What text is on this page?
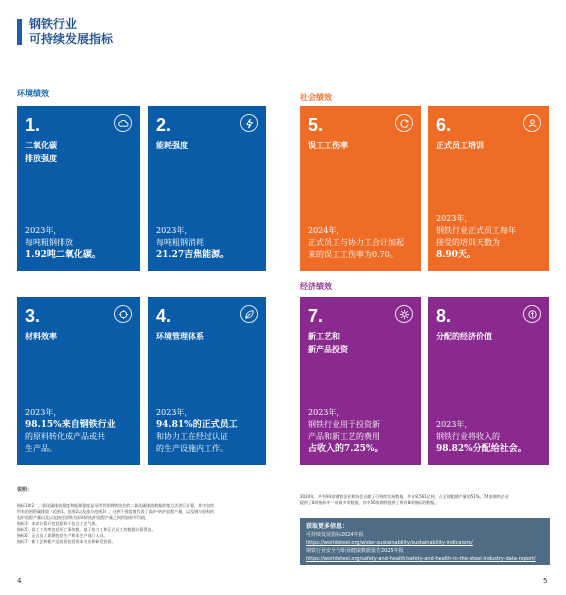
钢铁行业
可持续发展指标
环境绩效	社会绩效
经济绩效
1.
二氧化碳
排放强度
2023年，
每吨粗钢排放
1.92吨二氧化碳。
2.
能耗强度
2023年，
每吨粗钢消耗
21.27吉焦能源。
3.
材料效率
2023年，
98.15%来自钢铁行业
的原料转化成产品或共
生产品。
4.
环境管理体系
2023年，
94.81%的正式员工
和协力工在经过认证
的生产设施内工作。
5.
误工工伤率
2024年，
正式员工与协力工合计加起
来的误工工伤率为0.70。
6.
正式员工培训
2023年，
钢铁行业正式员工每年
接受的培训天数为
8.90天。
7.
新工艺和
新产品投资
2023年，
钢铁行业用于投资新
产品和新工艺的费用
占收入的7.25%。
8.
分配的经济价值
2023年，
钢铁行业将收入的
98.82%分配给社会。
说明：
指标1和2：二氧化碳排放强度和能源强度是采用世界钢铁协会的二氧化碳排放数据收集方法进行计算，其中包括
所有范围的碳排放（范围1、范围2以及部分范围3），这两个强度值代表了高炉-转炉流程产量，以及钢与原料的
电炉流程产量以及以直接还原铁为原料的电炉流程产量之间的加权平均值。
指标3：本次计算只包括原料不包含工艺气体。
指标5：误工工伤率包括死亡事故数，基于协力工和正式员工的数据计算得出。
指标6：正式员工即期包括生产和非生产部门人员。
指标7：新工艺和新产品投资包括资本支出和研发投资。
2024年，共有93家钢铁企业和协会贡献了可持续发展数据，共计8,561亿吨，占全球粗钢产量的51%。74家钢铁企业
提供了8项指标中一项或多项数据，其中56家钢铁提供了所有8项指标的数据。
获取更多信息：
可持续发展指标2024年报
https://worldsteel.org/wider-sustainability/sustainability-indicators/
钢铁行业安全与职业健康数据报告2025年报
https://worldsteel.org/safety-and-health/safety-and-health-in-the-steel-industry-data-report/
4	5
